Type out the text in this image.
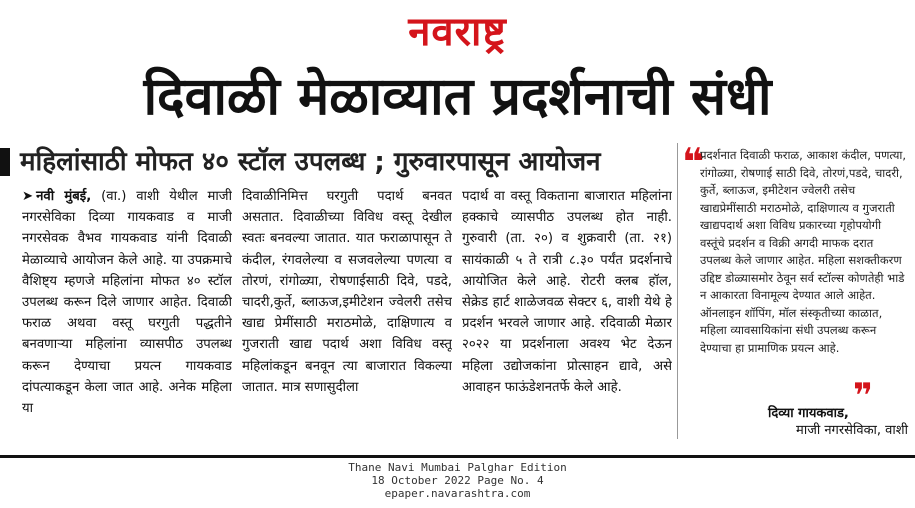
नवराष्ट्र
दिवाळी मेळाव्यात प्रदर्शनाची संधी
महिलांसाठी मोफत ४० स्टॉल उपलब्ध ; गुरुवारपासून आयोजन
➤ नवी मुंबई, (वा.) वाशी येथील माजी नगरसेविका दिव्या गायकवाड व माजी नगरसेवक वैभव गायकवाड यांनी दिवाळी मेळाव्याचे आयोजन केले आहे. या उपक्रमाचे वैशिष्ट्य म्हणजे महिलांना मोफत ४० स्टॉल उपलब्ध करून दिले जाणार आहेत. दिवाळी फराळ अथवा वस्तू घरगुती पद्धतीने बनवणाऱ्या महिलांना व्यासपीठ उपलब्ध करून देण्याचा प्रयत्न गायकवाड दांपत्याकडून केला जात आहे. अनेक महिला या
दिवाळीनिमित्त घरगुती पदार्थ बनवत असतात. दिवाळीच्या विविध वस्तू देखील स्वतः बनवल्या जातात. यात फराळापासून ते कंदील, रंगवलेल्या व सजवलेल्या पणत्या व तोरणं, रांगोळ्या, रोषणाईसाठी दिवे, पडदे, चादरी,कुर्ते, ब्लाऊज,इमीटेशन ज्वेलरी तसेच खाद्य प्रेमींसाठी मराठमोळे, दाक्षिणात्य व गुजराती खाद्य पदार्थ अशा विविध वस्तू महिलांकडून बनवून त्या बाजारात विकल्या जातात. मात्र सणासुदीला
पदार्थ वा वस्तू विकताना बाजारात महिलांना हक्काचे व्यासपीठ उपलब्ध होत नाही. गुरुवारी (ता. २०) व शुक्रवारी (ता. २१) सायंकाळी ५ ते रात्री ८.३० पर्यंत प्रदर्शनाचे आयोजित केले आहे. रोटरी क्लब हॉल, सेक्रेड हार्ट शाळेजवळ सेक्टर ६, वाशी येथे हे प्रदर्शन भरवले जाणार आहे. रदिवाळी मेळार २०२२ या प्रदर्शनाला अवश्य भेट देऊन महिला उद्योजकांना प्रोत्साहन द्यावे, असे आवाहन फाऊंडेशनतर्फे केले आहे.
❝
प्रदर्शनात दिवाळी फराळ, आकाश कंदील, पणत्या, रांगोळ्या, रोषणाई साठी दिवे, तोरणं,पडदे, चादरी, कुर्ते, ब्लाऊज, इमीटेशन ज्वेलरी तसेच खाद्यप्रेमींसाठी मराठमोळे, दाक्षिणात्य व गुजराती खाद्यपदार्थ अशा विविध प्रकारच्या गृहोपयोगी वस्तूंचे प्रदर्शन व विक्री अगदी माफक दरात उपलब्ध केले जाणार आहेत. महिला सशक्तीकरण उद्दिष्ट डोळ्यासमोर ठेवून सर्व स्टॉल्स कोणतेही भाडे न आकारता विनामूल्य देण्यात आले आहेत. ऑनलाइन शॉपिंग, मॉल संस्कृतीच्या काळात, महिला व्यावसायिकांना संधी उपलब्ध करून देण्याचा हा प्रामाणिक प्रयत्न आहे.
❞
दिव्या गायकवाड,
माजी नगरसेविका, वाशी
Thane Navi Mumbai Palghar Edition
18 October 2022 Page No. 4
epaper.navarashtra.com
